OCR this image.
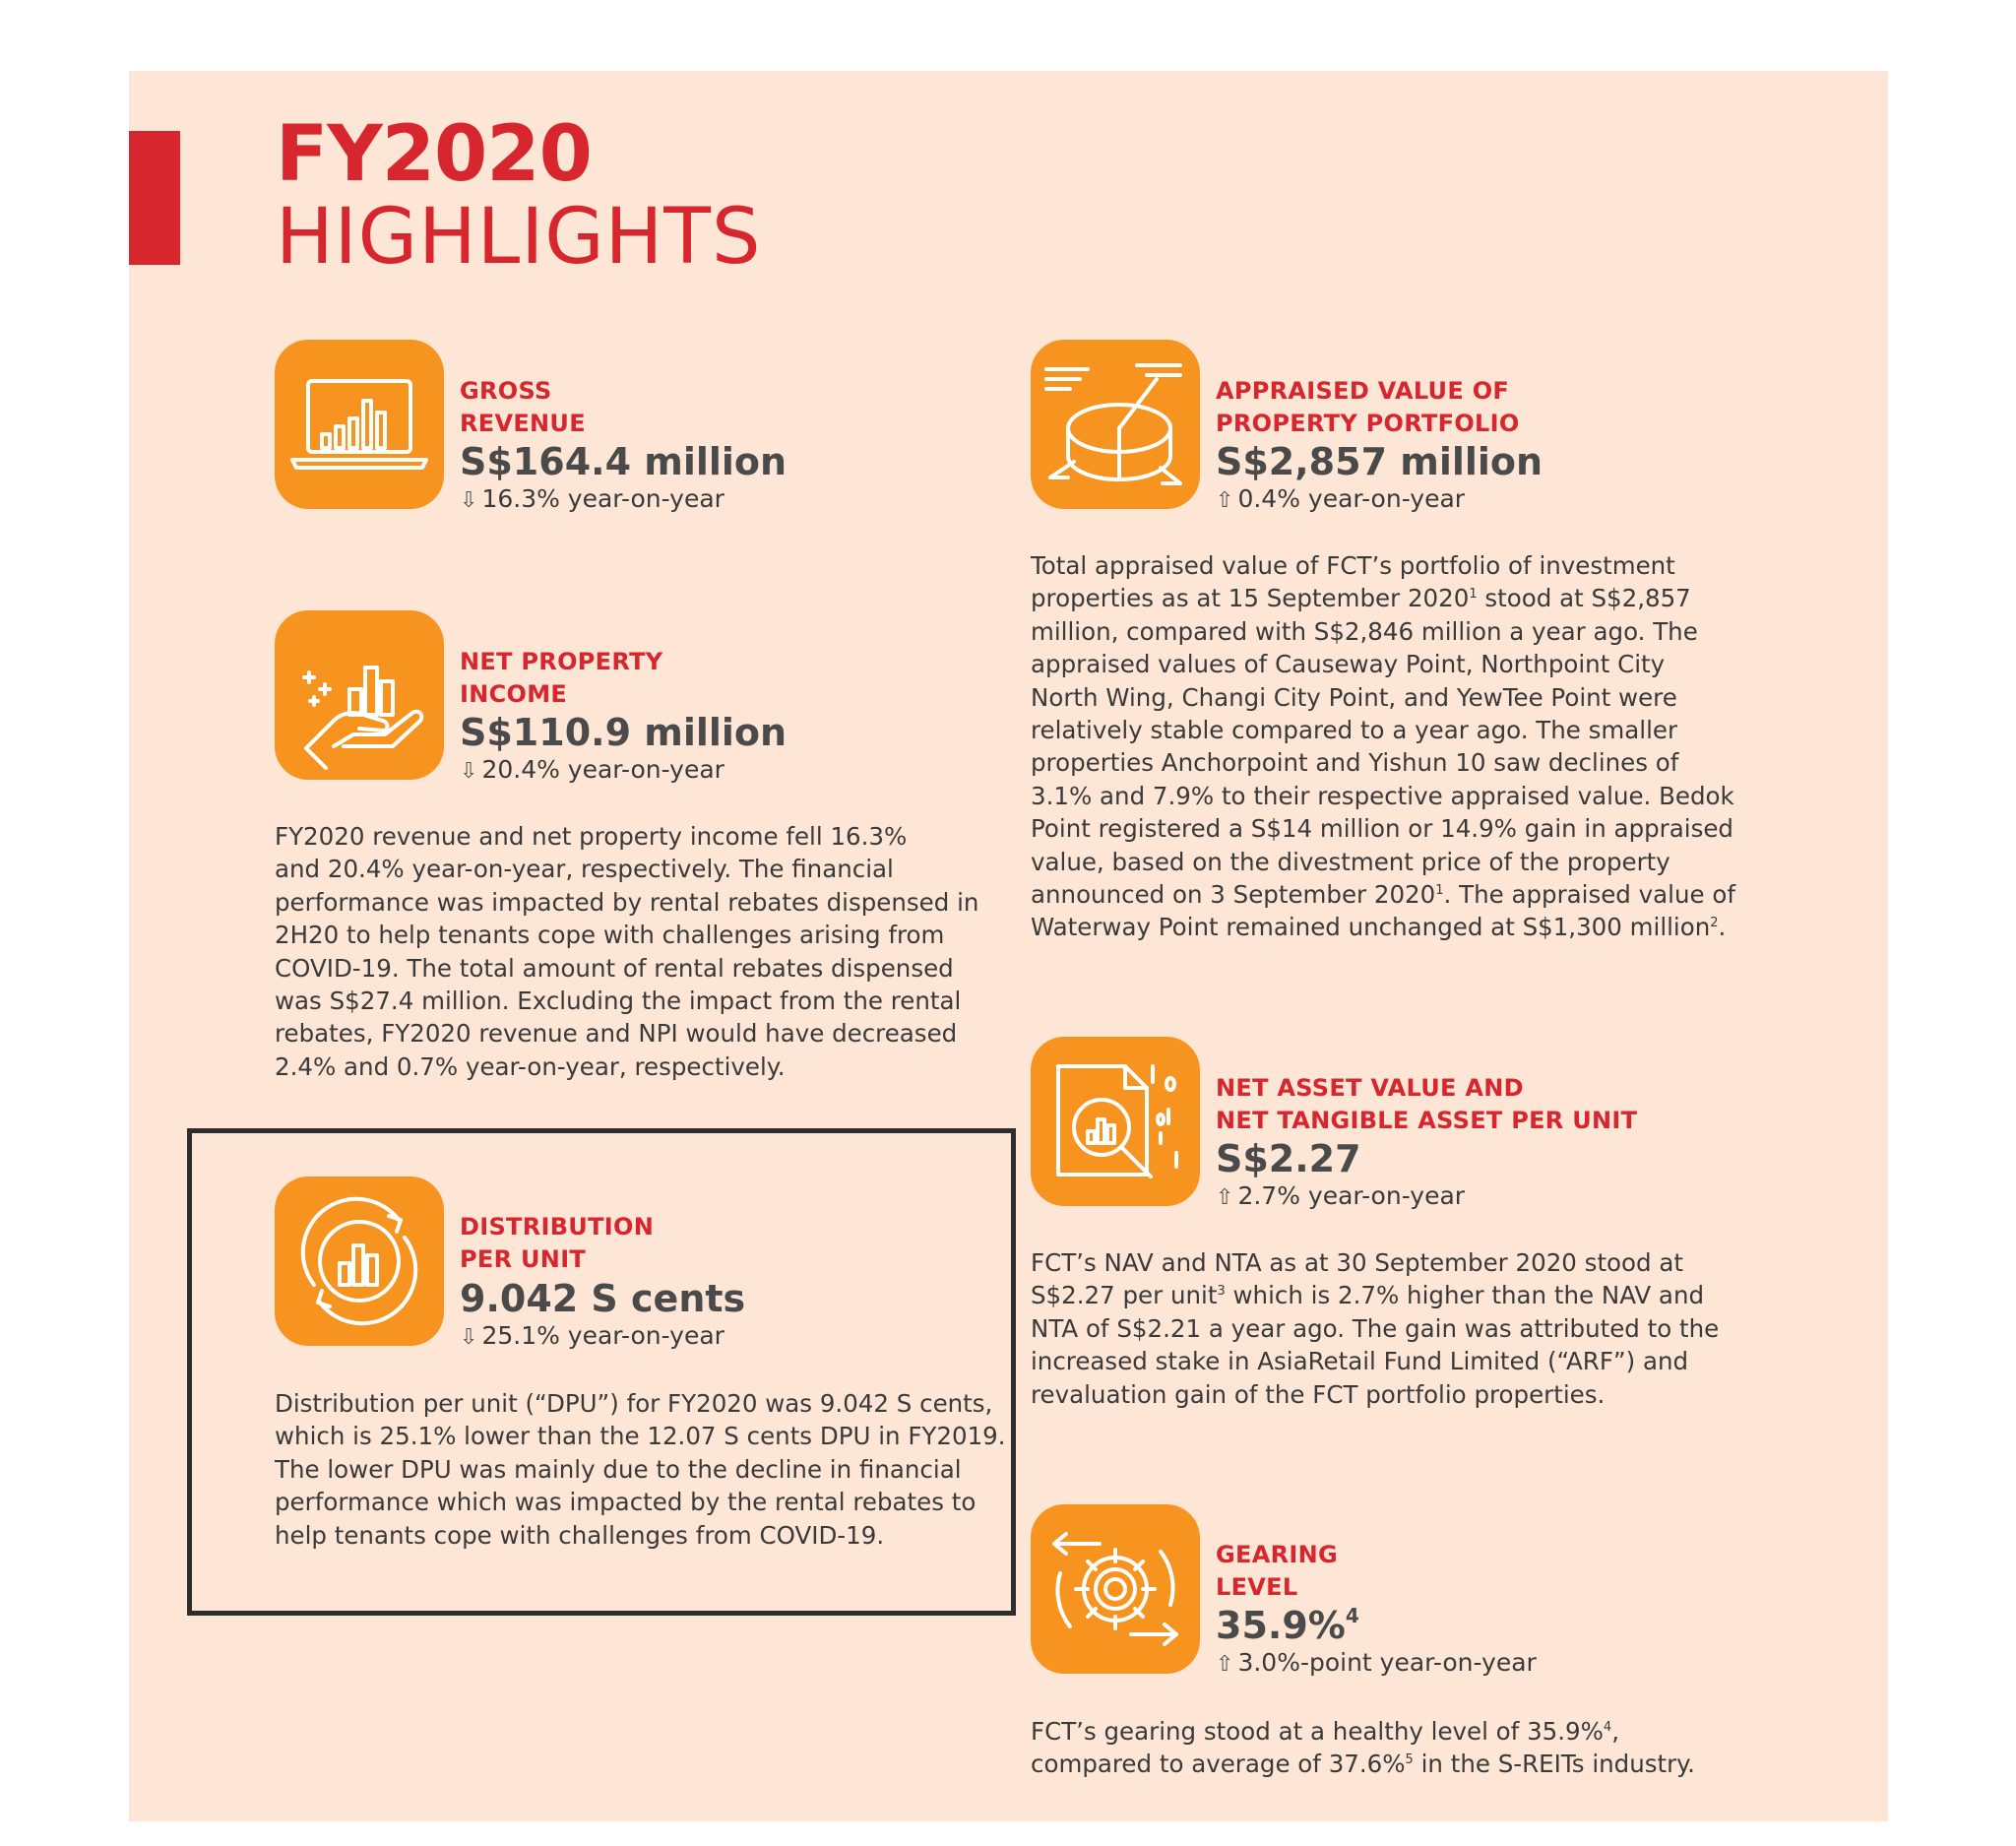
FY2020
HIGHLIGHTS
GROSS
REVENUE
S$164.4 million
⇩ 16.3% year-on-year
NET PROPERTY
INCOME
S$110.9 million
⇩ 20.4% year-on-year
FY2020 revenue and net property income fell 16.3%
and 20.4% year-on-year, respectively. The financial
performance was impacted by rental rebates dispensed in
2H20 to help tenants cope with challenges arising from
COVID-19. The total amount of rental rebates dispensed
was S$27.4 million. Excluding the impact from the rental
rebates, FY2020 revenue and NPI would have decreased
2.4% and 0.7% year-on-year, respectively.
DISTRIBUTION
PER UNIT
9.042 S cents
⇩ 25.1% year-on-year
Distribution per unit (“DPU”) for FY2020 was 9.042 S cents,
which is 25.1% lower than the 12.07 S cents DPU in FY2019.
The lower DPU was mainly due to the decline in financial
performance which was impacted by the rental rebates to
help tenants cope with challenges from COVID-19.
APPRAISED VALUE OF
PROPERTY PORTFOLIO
S$2,857 million
⇧ 0.4% year-on-year
Total appraised value of FCT’s portfolio of investment
properties as at 15 September 2020$^1$ stood at S$2,857
million, compared with S$2,846 million a year ago. The
appraised values of Causeway Point, Northpoint City
North Wing, Changi City Point, and YewTee Point were
relatively stable compared to a year ago. The smaller
properties Anchorpoint and Yishun 10 saw declines of
3.1% and 7.9% to their respective appraised value. Bedok
Point registered a S$14 million or 14.9% gain in appraised
value, based on the divestment price of the property
announced on 3 September 2020$^1$. The appraised value of
Waterway Point remained unchanged at S$1,300 million$^2$.
NET ASSET VALUE AND
NET TANGIBLE ASSET PER UNIT
S$2.27
⇧ 2.7% year-on-year
FCT’s NAV and NTA as at 30 September 2020 stood at
S$2.27 per unit$^3$ which is 2.7% higher than the NAV and
NTA of S$2.21 a year ago. The gain was attributed to the
increased stake in AsiaRetail Fund Limited (“ARF”) and
revaluation gain of the FCT portfolio properties.
GEARING
LEVEL
35.9%$^4$
⇧ 3.0%-point year-on-year
FCT’s gearing stood at a healthy level of 35.9%$^4$,
compared to average of 37.6%$^5$ in the S-REITs industry.
